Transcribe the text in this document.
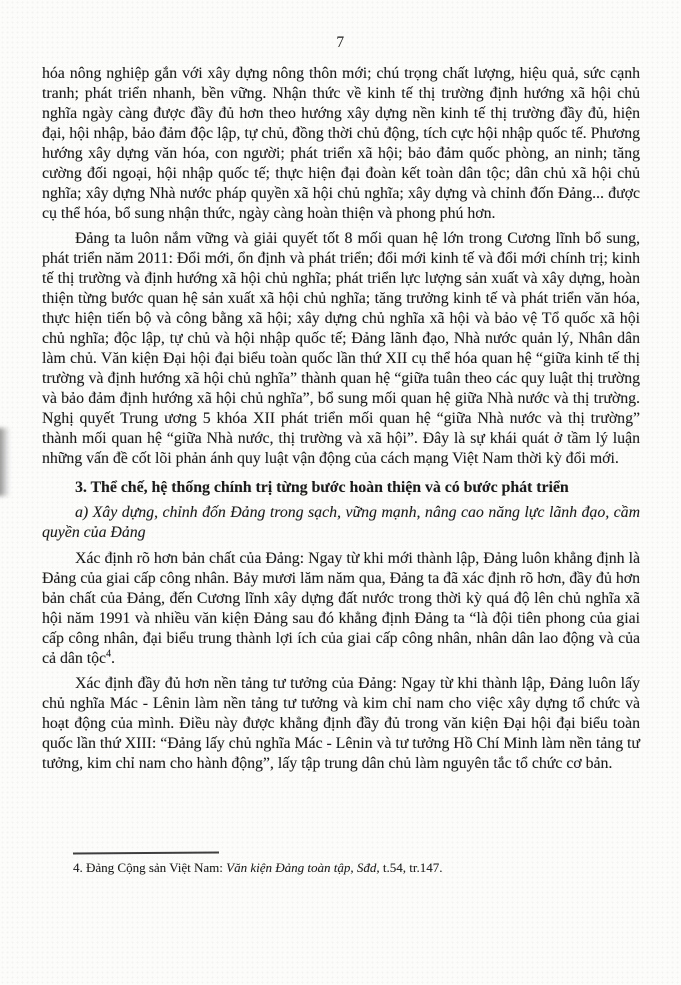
7

hóa nông nghiệp gắn với xây dựng nông thôn mới; chú trọng chất lượng, hiệu quả, sức cạnh tranh; phát triển nhanh, bền vững. Nhận thức về kinh tế thị trường định hướng xã hội chủ nghĩa ngày càng được đầy đủ hơn theo hướng xây dựng nền kinh tế thị trường đầy đủ, hiện đại, hội nhập, bảo đảm độc lập, tự chủ, đồng thời chủ động, tích cực hội nhập quốc tế. Phương hướng xây dựng văn hóa, con người; phát triển xã hội; bảo đảm quốc phòng, an ninh; tăng cường đối ngoại, hội nhập quốc tế; thực hiện đại đoàn kết toàn dân tộc; dân chủ xã hội chủ nghĩa; xây dựng Nhà nước pháp quyền xã hội chủ nghĩa; xây dựng và chỉnh đốn Đảng... được cụ thể hóa, bổ sung nhận thức, ngày càng hoàn thiện và phong phú hơn.

Đảng ta luôn nắm vững và giải quyết tốt 8 mối quan hệ lớn trong Cương lĩnh bổ sung, phát triển năm 2011: Đổi mới, ổn định và phát triển; đổi mới kinh tế và đổi mới chính trị; kinh tế thị trường và định hướng xã hội chủ nghĩa; phát triển lực lượng sản xuất và xây dựng, hoàn thiện từng bước quan hệ sản xuất xã hội chủ nghĩa; tăng trưởng kinh tế và phát triển văn hóa, thực hiện tiến bộ và công bằng xã hội; xây dựng chủ nghĩa xã hội và bảo vệ Tổ quốc xã hội chủ nghĩa; độc lập, tự chủ và hội nhập quốc tế; Đảng lãnh đạo, Nhà nước quản lý, Nhân dân làm chủ. Văn kiện Đại hội đại biểu toàn quốc lần thứ XII cụ thể hóa quan hệ “giữa kinh tế thị trường và định hướng xã hội chủ nghĩa” thành quan hệ “giữa tuân theo các quy luật thị trường và bảo đảm định hướng xã hội chủ nghĩa”, bổ sung mối quan hệ giữa Nhà nước và thị trường. Nghị quyết Trung ương 5 khóa XII phát triển mối quan hệ “giữa Nhà nước và thị trường” thành mối quan hệ “giữa Nhà nước, thị trường và xã hội”. Đây là sự khái quát ở tầm lý luận những vấn đề cốt lõi phản ánh quy luật vận động của cách mạng Việt Nam thời kỳ đổi mới.

3. Thể chế, hệ thống chính trị từng bước hoàn thiện và có bước phát triển

a) Xây dựng, chỉnh đốn Đảng trong sạch, vững mạnh, nâng cao năng lực lãnh đạo, cầm quyền của Đảng

Xác định rõ hơn bản chất của Đảng: Ngay từ khi mới thành lập, Đảng luôn khẳng định là Đảng của giai cấp công nhân. Bảy mươi lăm năm qua, Đảng ta đã xác định rõ hơn, đầy đủ hơn bản chất của Đảng, đến Cương lĩnh xây dựng đất nước trong thời kỳ quá độ lên chủ nghĩa xã hội năm 1991 và nhiều văn kiện Đảng sau đó khẳng định Đảng ta “là đội tiên phong của giai cấp công nhân, đại biểu trung thành lợi ích của giai cấp công nhân, nhân dân lao động và của cả dân tộc$^4$.

Xác định đầy đủ hơn nền tảng tư tưởng của Đảng: Ngay từ khi thành lập, Đảng luôn lấy chủ nghĩa Mác - Lênin làm nền tảng tư tưởng và kim chỉ nam cho việc xây dựng tổ chức và hoạt động của mình. Điều này được khẳng định đầy đủ trong văn kiện Đại hội đại biểu toàn quốc lần thứ XIII: “Đảng lấy chủ nghĩa Mác - Lênin và tư tưởng Hồ Chí Minh làm nền tảng tư tưởng, kim chỉ nam cho hành động”, lấy tập trung dân chủ làm nguyên tắc tổ chức cơ bản.

4. Đảng Cộng sản Việt Nam: Văn kiện Đảng toàn tập, Sđd, t.54, tr.147.
